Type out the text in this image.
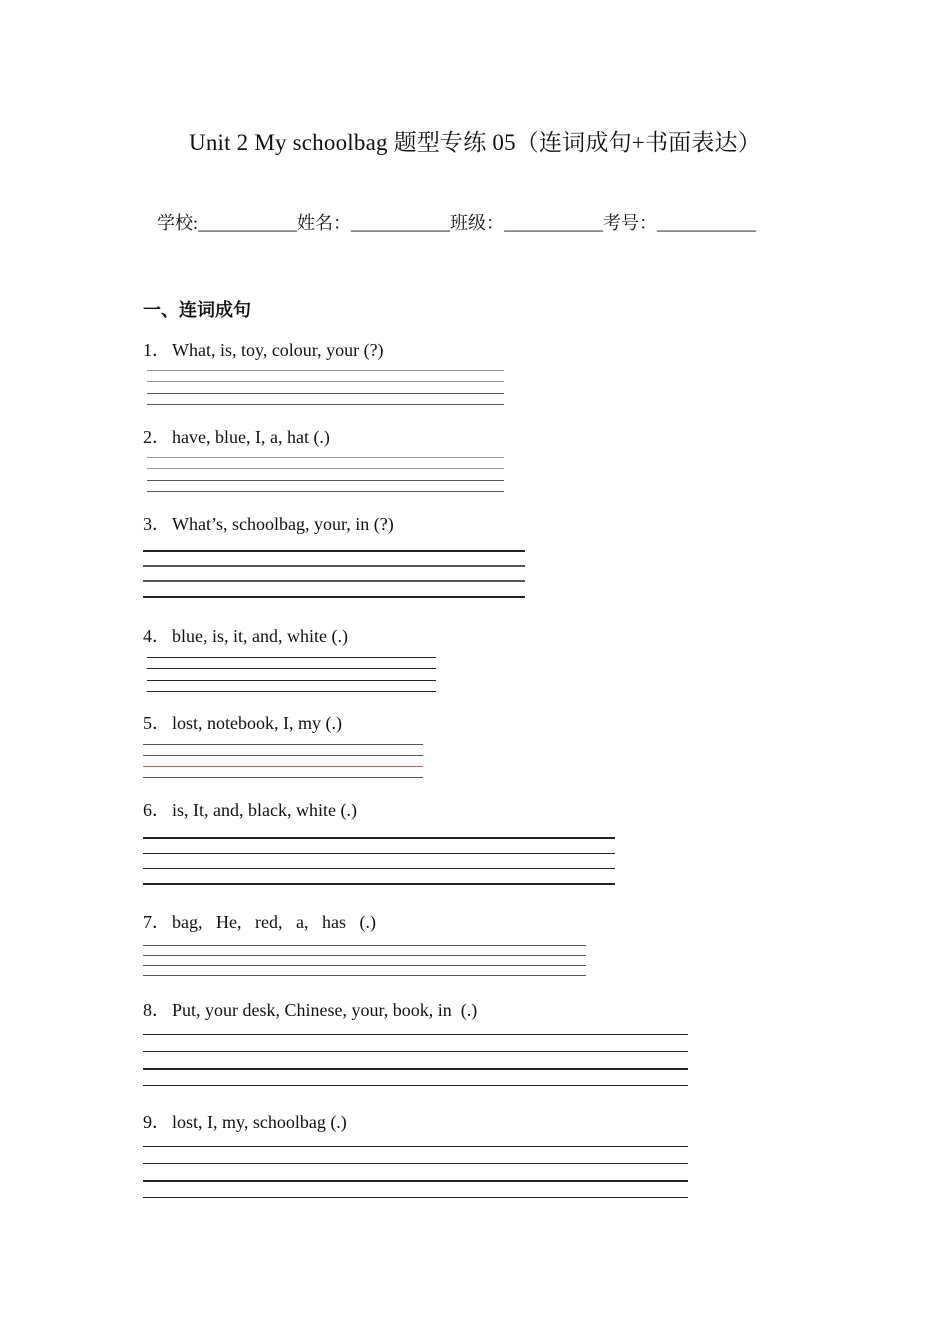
Unit 2 My schoolbag 题型专练 05（连词成句+书面表达）
学校:___________姓名：___________班级：___________考号：___________
一、连词成句
1． What, is, toy, colour, your (?)
2． have, blue, I, a, hat (.)
3． What’s, schoolbag, your, in (?)
4． blue, is, it, and, white (.)
5． lost, notebook, I, my (.)
6． is, It, and, black, white (.)
7． bag,   He,   red,   a,   has   (.)
8． Put, your desk, Chinese, your, book, in  (.)
9． lost, I, my, schoolbag (.)
